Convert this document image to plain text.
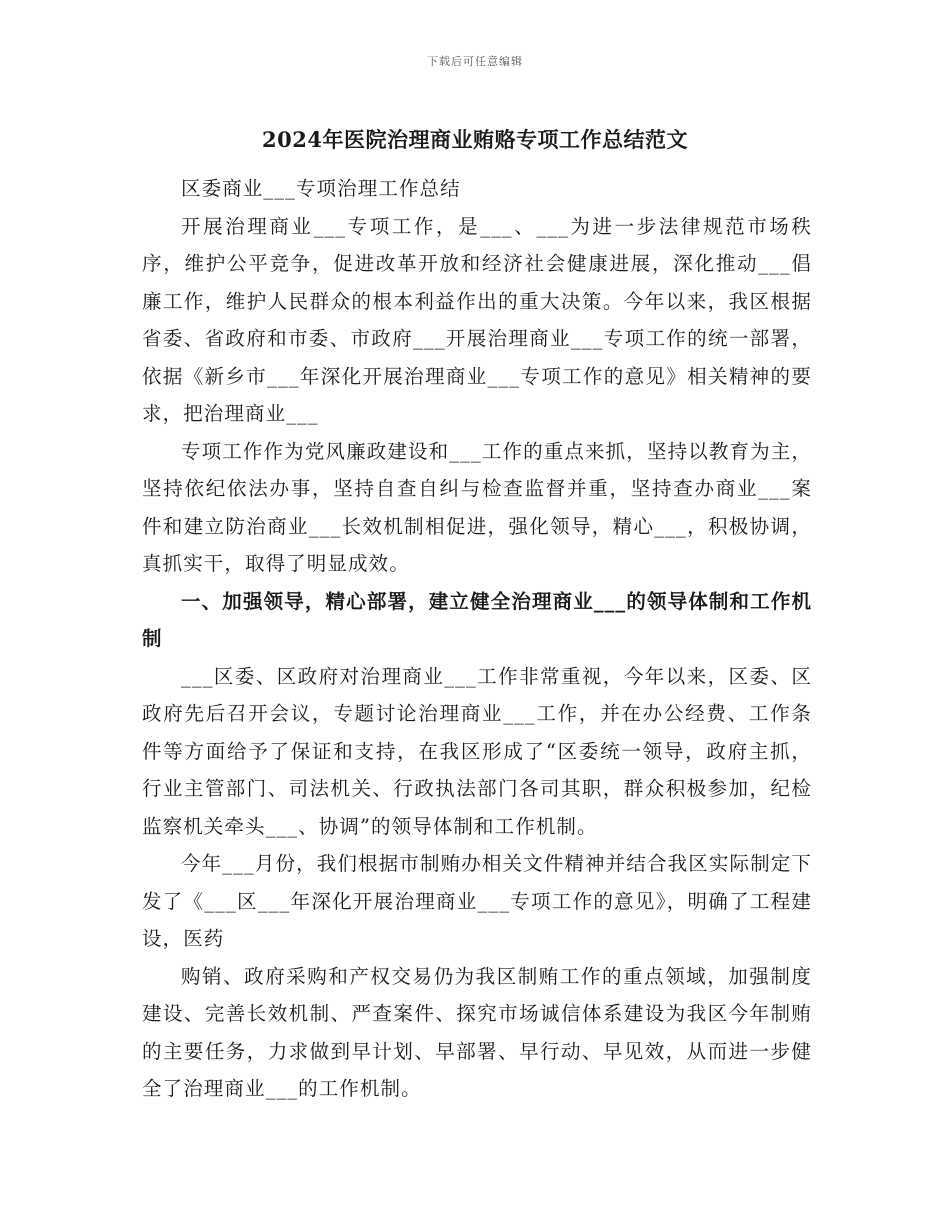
下载后可任意编辑
2024年医院治理商业贿赂专项工作总结范文

区委商业___专项治理工作总结

开展治理商业___专项工作，是___、___为进一步法律规范市场秩序，维护公平竞争，促进改革开放和经济社会健康进展，深化推动___倡廉工作，维护人民群众的根本利益作出的重大决策。今年以来，我区根据省委、省政府和市委、市政府___开展治理商业___专项工作的统一部署，依据《新乡市___年深化开展治理商业___专项工作的意见》相关精神的要求，把治理商业___

专项工作作为党风廉政建设和___工作的重点来抓，坚持以教育为主，坚持依纪依法办事，坚持自查自纠与检查监督并重，坚持查办商业___案件和建立防治商业___长效机制相促进，强化领导，精心___，积极协调，真抓实干，取得了明显成效。

一、加强领导，精心部署，建立健全治理商业___的领导体制和工作机制

___区委、区政府对治理商业___工作非常重视，今年以来，区委、区政府先后召开会议，专题讨论治理商业___工作，并在办公经费、工作条件等方面给予了保证和支持，在我区形成了“区委统一领导，政府主抓，行业主管部门、司法机关、行政执法部门各司其职，群众积极参加，纪检监察机关牵头___、协调”的领导体制和工作机制。

今年___月份，我们根据市制贿办相关文件精神并结合我区实际制定下发了《___区___年深化开展治理商业___专项工作的意见》，明确了工程建设，医药

购销、政府采购和产权交易仍为我区制贿工作的重点领域，加强制度建设、完善长效机制、严查案件、探究市场诚信体系建设为我区今年制贿的主要任务，力求做到早计划、早部署、早行动、早见效，从而进一步健全了治理商业___的工作机制。
